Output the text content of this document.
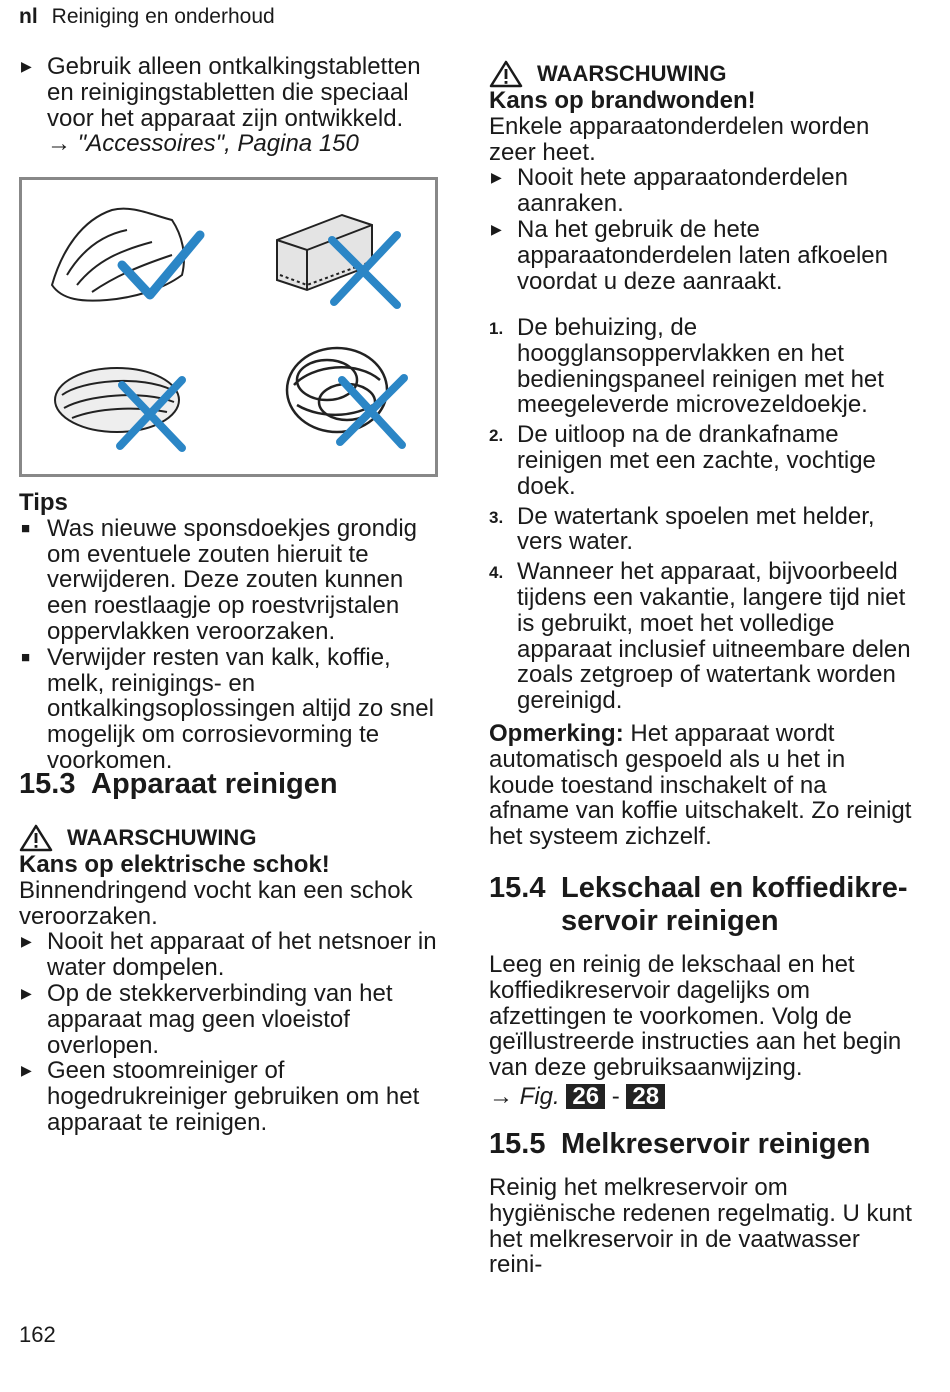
nl Reiniging en onderhoud
▶ Gebruik alleen ontkalkingstabletten en reinigingstabletten die speciaal voor het apparaat zijn ontwikkeld.
→ "Accessoires", Pagina 150
Tips
■ Was nieuwe sponsdoekjes grondig om eventuele zouten hieruit te verwijderen. Deze zouten kunnen een roestlaagje op roestvrijstalen oppervlakken veroorzaken.
■ Verwijder resten van kalk, koffie, melk, reinigings- en ontkalkingsoplossingen altijd zo snel mogelijk om corrosievorming te voorkomen.
15.3 Apparaat reinigen
WAARSCHUWING
Kans op elektrische schok!
Binnendringend vocht kan een schok veroorzaken.
▶ Nooit het apparaat of het netsnoer in water dompelen.
▶ Op de stekkerverbinding van het apparaat mag geen vloeistof overlopen.
▶ Geen stoomreiniger of hogedrukreiniger gebruiken om het apparaat te reinigen.
WAARSCHUWING
Kans op brandwonden!
Enkele apparaatonderdelen worden zeer heet.
▶ Nooit hete apparaatonderdelen aanraken.
▶ Na het gebruik de hete apparaatonderdelen laten afkoelen voordat u deze aanraakt.
1. De behuizing, de hoogglansoppervlakken en het bedieningspaneel reinigen met het meegeleverde microvezeldoekje.
2. De uitloop na de drankafname reinigen met een zachte, vochtige doek.
3. De watertank spoelen met helder, vers water.
4. Wanneer het apparaat, bijvoorbeeld tijdens een vakantie, langere tijd niet is gebruikt, moet het volledige apparaat inclusief uitneembare delen zoals zetgroep of watertank worden gereinigd.

Opmerking: Het apparaat wordt automatisch gespoeld als u het in koude toestand inschakelt of na afname van koffie uitschakelt. Zo reinigt het systeem zichzelf.

15.4 Lekschaal en koffiedikre-
servoir reinigen

Leeg en reinig de lekschaal en het koffiedikreservoir dagelijks om afzettingen te voorkomen. Volg de geïllustreerde instructies aan het begin van deze gebruiksaanwijzing.

→ Fig. 26 - 28
15.5 Melkreservoir reinigen

Reinig het melkreservoir om hygiënische redenen regelmatig. U kunt het melkreservoir in de vaatwasser reini-

162
